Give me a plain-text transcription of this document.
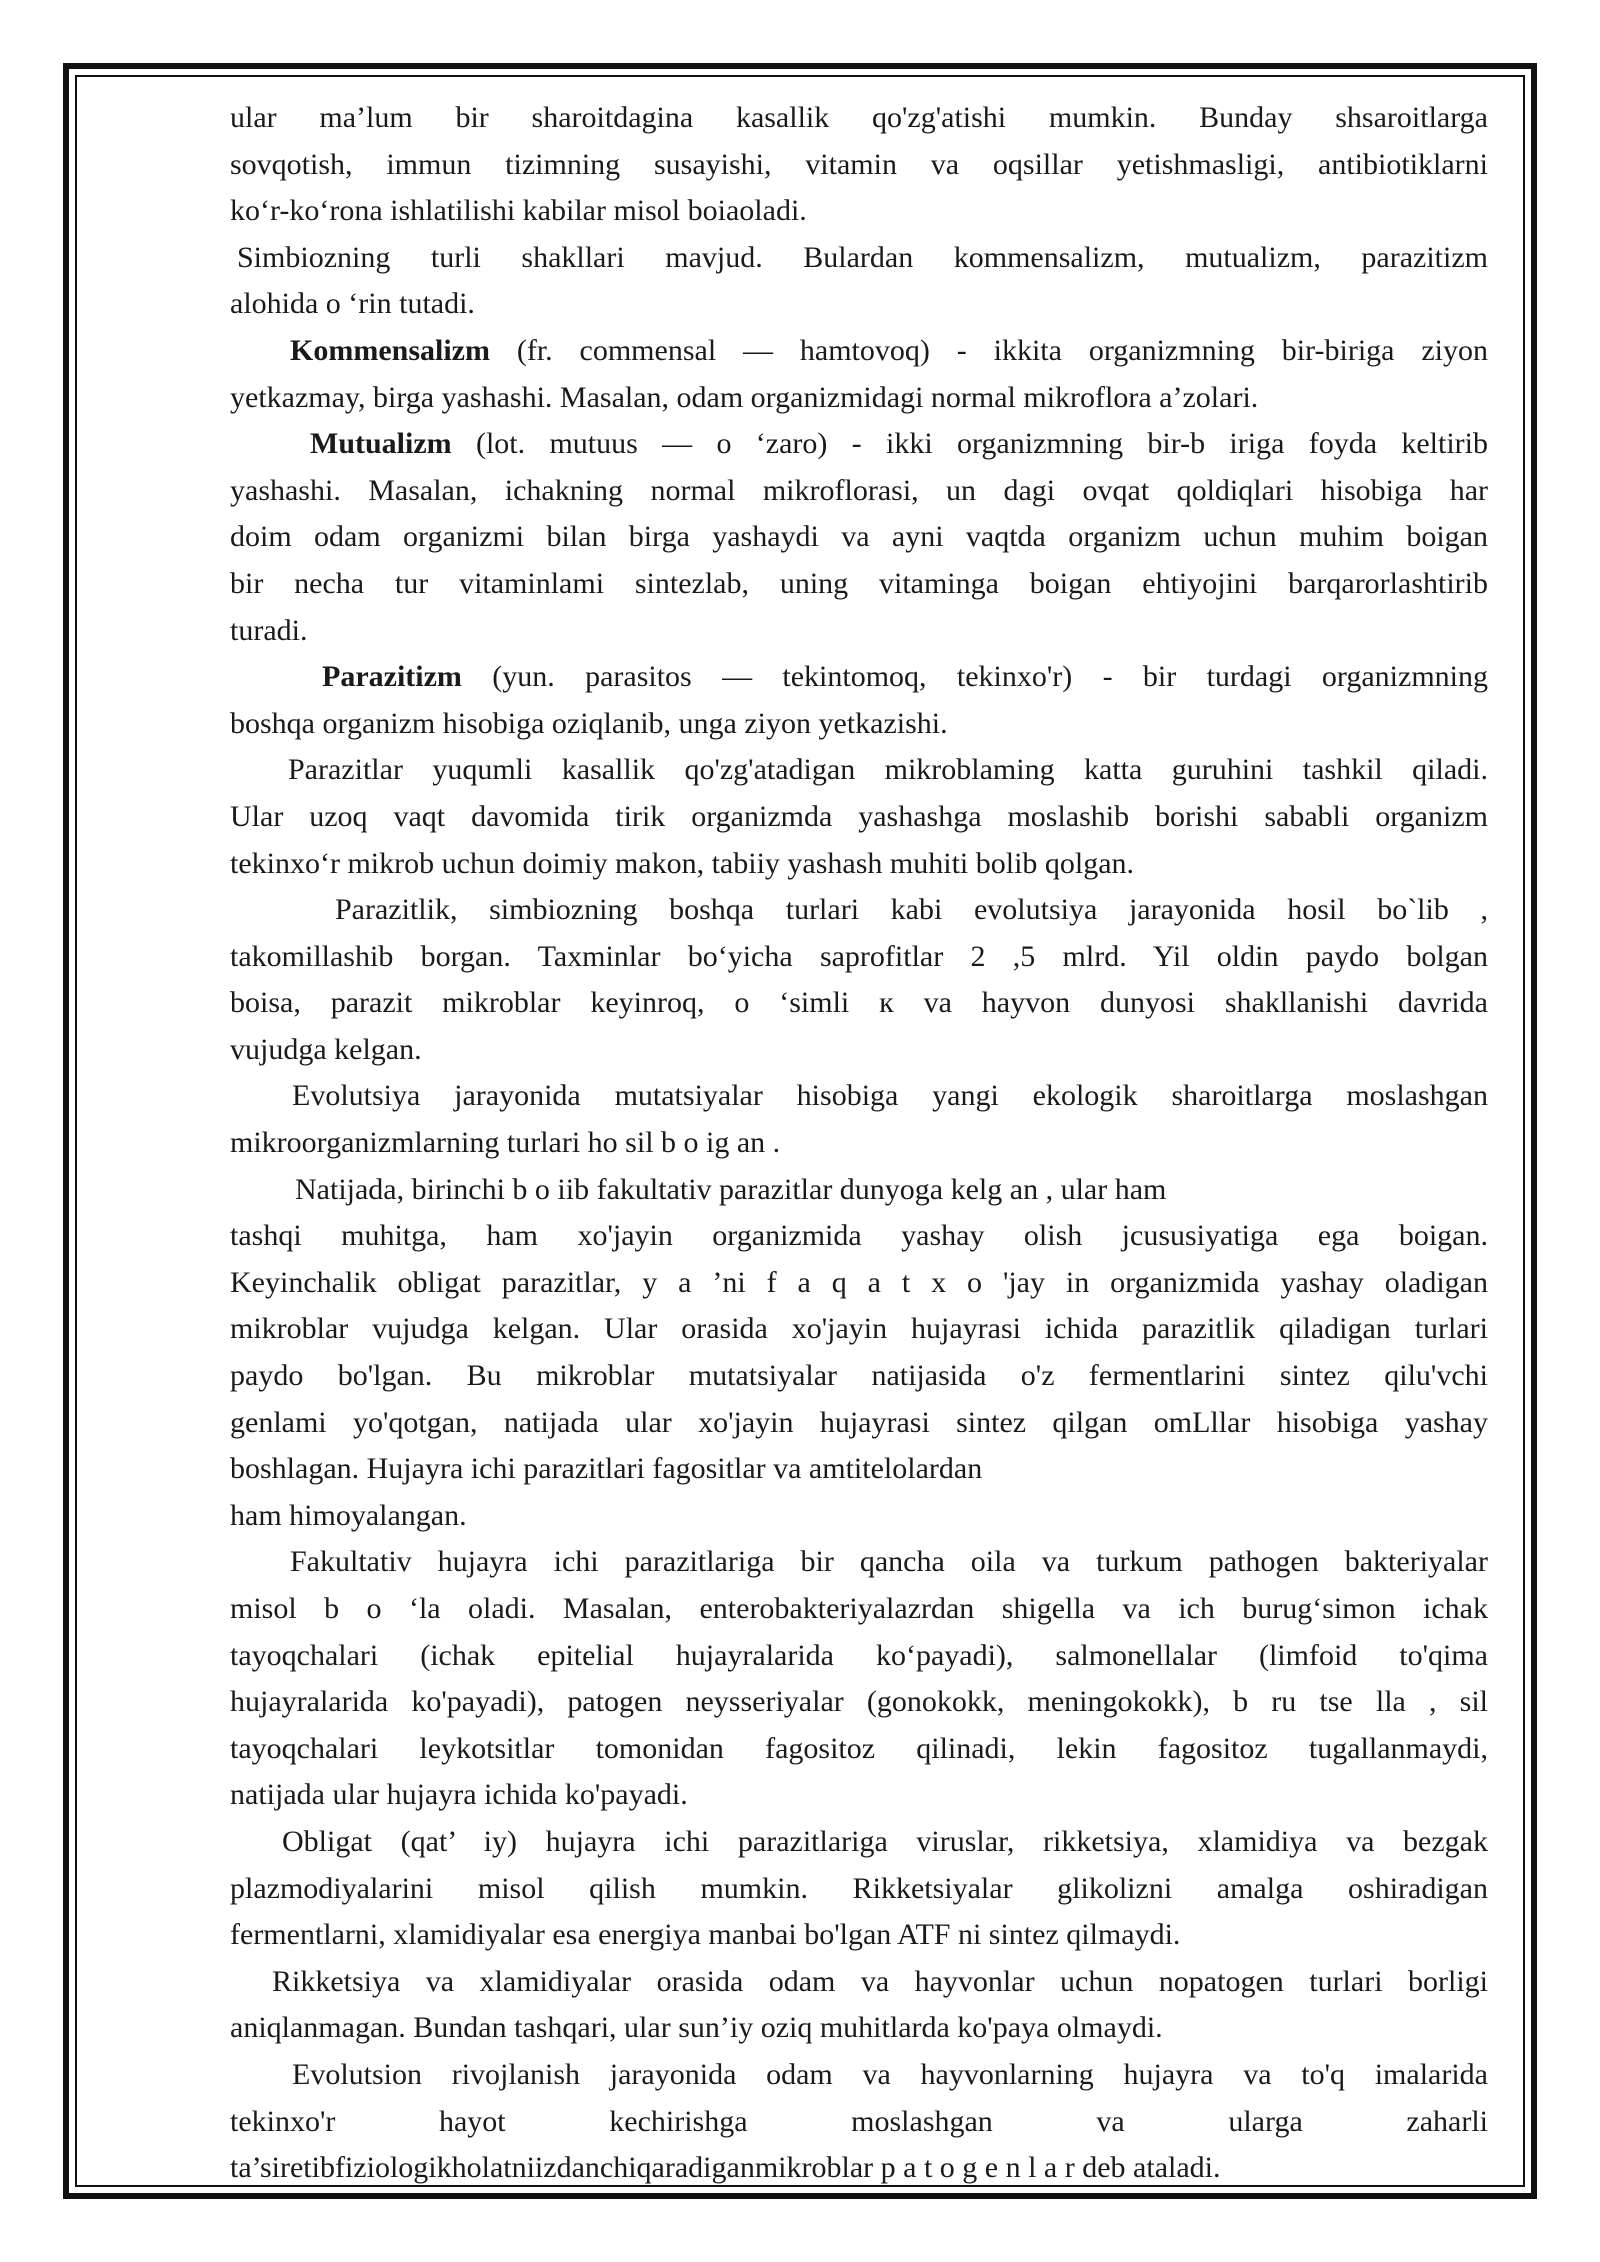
ular ma’lum bir sharoitdagina kasallik qo'zg'atishi mumkin. Bunday shsaroitlarga
sovqotish, immun tizimning susayishi, vitamin va oqsillar yetishmasligi, antibiotiklarni
ko‘r-ko‘rona ishlatilishi kabilar misol boiaoladi.
Simbiozning turli shakllari mavjud. Bulardan kommensalizm, mutualizm, parazitizm
alohida o ‘rin tutadi.
Kommensalizm (fr. commensal — hamtovoq) - ikkita organizmning bir-biriga ziyon
yetkazmay, birga yashashi. Masalan, odam organizmidagi normal mikroflora a’zolari.
Mutualizm (lot. mutuus — o ‘zaro) - ikki organizmning bir-b iriga foyda keltirib
yashashi. Masalan, ichakning normal mikroflorasi, un dagi ovqat qoldiqlari hisobiga har
doim odam organizmi bilan birga yashaydi va ayni vaqtda organizm uchun muhim boigan
bir necha tur vitaminlami sintezlab, uning vitaminga boigan ehtiyojini barqarorlashtirib
turadi.
Parazitizm (yun. parasitos — tekintomoq, tekinxo'r) - bir turdagi organizmning
boshqa organizm hisobiga oziqlanib, unga ziyon yetkazishi.
Parazitlar yuqumli kasallik qo'zg'atadigan mikroblaming katta guruhini tashkil qiladi.
Ular uzoq vaqt davomida tirik organizmda yashashga moslashib borishi sababli organizm
tekinxo‘r mikrob uchun doimiy makon, tabiiy yashash muhiti bolib qolgan.
Parazitlik, simbiozning boshqa turlari kabi evolutsiya jarayonida hosil bo`lib ,
takomillashib borgan. Taxminlar bo‘yicha saprofitlar 2 ,5 mlrd. Yil oldin paydo bolgan
boisa, parazit mikroblar keyinroq, o ‘simli к va hayvon dunyosi shakllanishi davrida
vujudga kelgan.
Evolutsiya jarayonida mutatsiyalar hisobiga yangi ekologik sharoitlarga moslashgan
mikroorganizmlarning turlari ho sil b o ig an .
Natijada, birinchi b o iib fakultativ parazitlar dunyoga kelg an , ular ham
tashqi muhitga, ham xo'jayin organizmida yashay olish jcususiyatiga ega boigan.
Keyinchalik obligat parazitlar, y a ’ni f a q a t x o 'jay in organizmida yashay oladigan
mikroblar vujudga kelgan. Ular orasida xo'jayin hujayrasi ichida parazitlik qiladigan turlari
paydo bo'lgan. Bu mikroblar mutatsiyalar natijasida o'z fermentlarini sintez qilu'vchi
genlami yo'qotgan, natijada ular xo'jayin hujayrasi sintez qilgan omLllar hisobiga yashay
boshlagan. Hujayra ichi parazitlari fagositlar va amtitelolardan
ham himoyalangan.
Fakultativ hujayra ichi parazitlariga bir qancha oila va turkum pathogen bakteriyalar
misol b o ‘la oladi. Masalan, enterobakteriyalazrdan shigella va ich burug‘simon ichak
tayoqchalari (ichak epitelial hujayralarida ko‘payadi), salmonellalar (limfoid to'qima
hujayralarida ko'payadi), patogen neysseriyalar (gonokokk, meningokokk), b ru tse lla , sil
tayoqchalari leykotsitlar tomonidan fagositoz qilinadi, lekin fagositoz tugallanmaydi,
natijada ular hujayra ichida ko'payadi.
Obligat (qat’ iy) hujayra ichi parazitlariga viruslar, rikketsiya, xlamidiya va bezgak
plazmodiyalarini misol qilish mumkin. Rikketsiyalar glikolizni amalga oshiradigan
fermentlarni, xlamidiyalar esa energiya manbai bo'lgan ATF ni sintez qilmaydi.
Rikketsiya va xlamidiyalar orasida odam va hayvonlar uchun nopatogen turlari borligi
aniqlanmagan. Bundan tashqari, ular sun’iy oziq muhitlarda ko'paya olmaydi.
Evolutsion rivojlanish jarayonida odam va hayvonlarning hujayra va to'q imalarida
tekinxo'r hayot kechirishga moslashgan va ularga zaharli
ta’siretibfiziologikholatniizdanchiqaradiganmikroblar p a t o g e n l a r deb ataladi.
